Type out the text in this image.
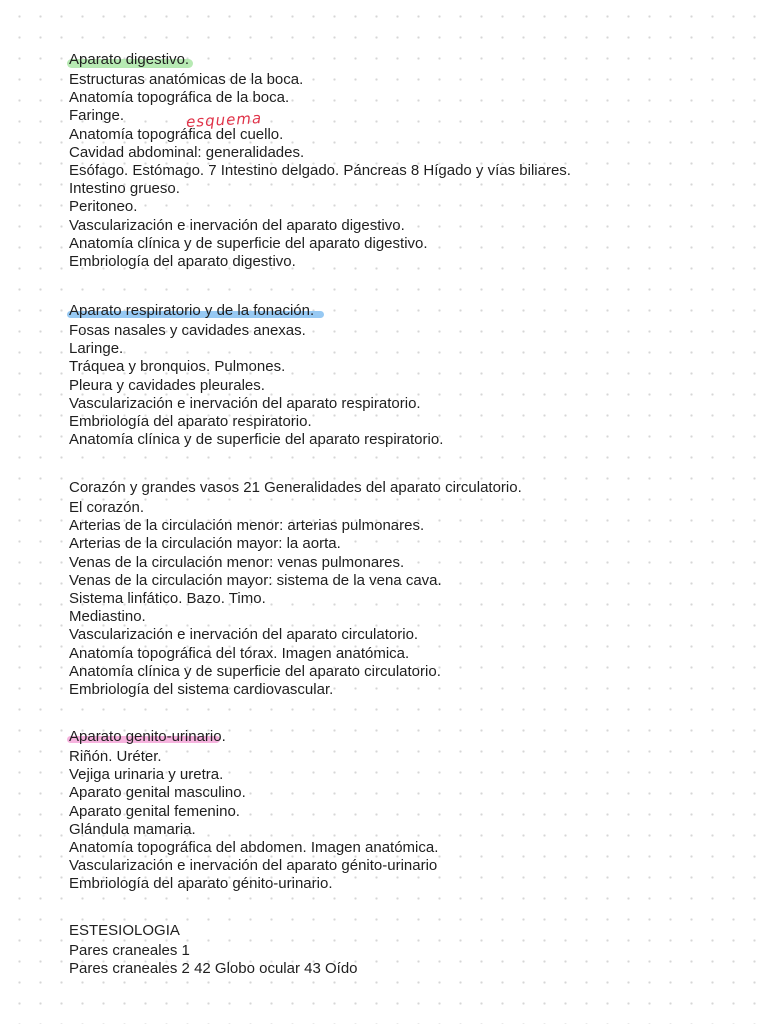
Aparato digestivo.
Estructuras anatómicas de la boca.
Anatomía topográfica de la boca.
Faringe.
Anatomía topográfica del cuello.
Cavidad abdominal: generalidades.
Esófago. Estómago. 7 Intestino delgado. Páncreas 8 Hígado y vías biliares.
Intestino grueso.
Peritoneo.
Vascularización e inervación del aparato digestivo.
Anatomía clínica y de superficie del aparato digestivo.
Embriología del aparato digestivo.
Aparato respiratorio y de la fonación.
Fosas nasales y cavidades anexas.
Laringe.
Tráquea y bronquios. Pulmones.
Pleura y cavidades pleurales.
Vascularización e inervación del aparato respiratorio.
Embriología del aparato respiratorio.
Anatomía clínica y de superficie del aparato respiratorio.
Corazón y grandes vasos 21 Generalidades del aparato circulatorio.
El corazón.
Arterias de la circulación menor: arterias pulmonares.
Arterias de la circulación mayor: la aorta.
Venas de la circulación menor: venas pulmonares.
Venas de la circulación mayor: sistema de la vena cava.
Sistema linfático. Bazo. Timo.
Mediastino.
Vascularización e inervación del aparato circulatorio.
Anatomía topográfica del tórax. Imagen anatómica.
Anatomía clínica y de superficie del aparato circulatorio.
Embriología del sistema cardiovascular.
Aparato genito-urinario.
Riñón. Uréter.
Vejiga urinaria y uretra.
Aparato genital masculino.
Aparato genital femenino.
Glándula mamaria.
Anatomía topográfica del abdomen. Imagen anatómica.
Vascularización e inervación del aparato génito-urinario
Embriología del aparato génito-urinario.
ESTESIOLOGIA
Pares craneales 1
Pares craneales 2 42 Globo ocular 43 Oído
esquema
